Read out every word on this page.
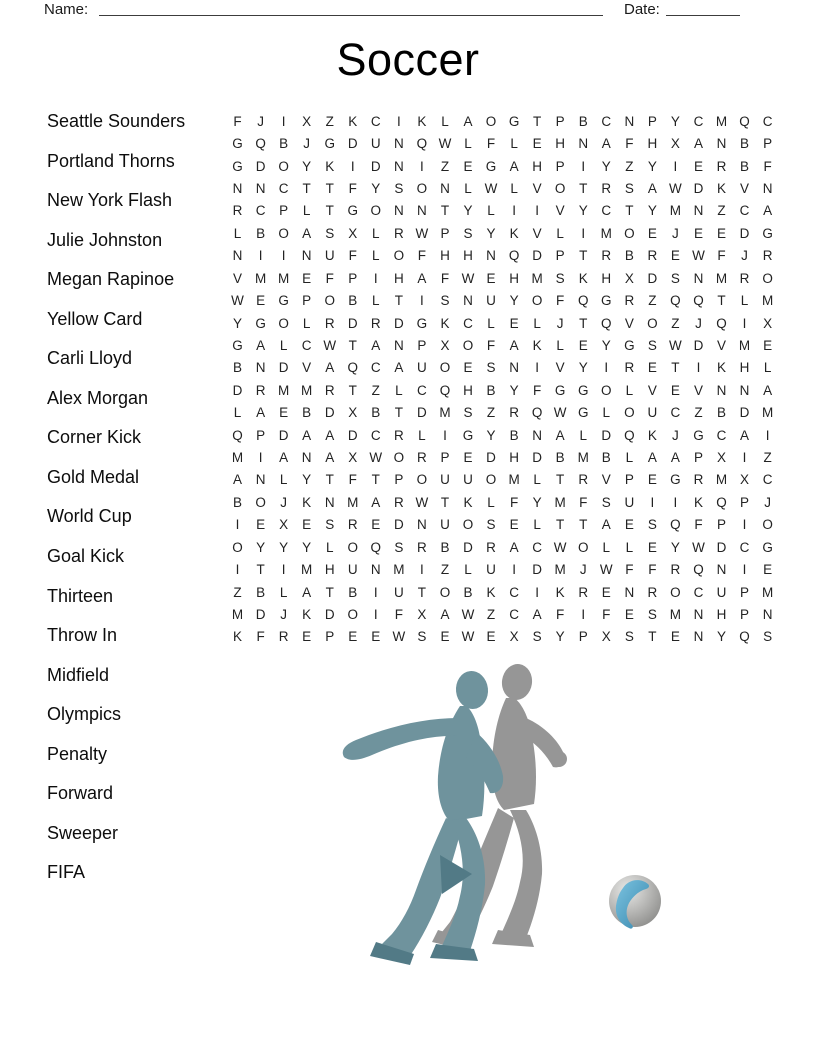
Name:	Date:
Soccer
Seattle Sounders
Portland Thorns
New York Flash
Julie Johnston
Megan Rapinoe
Yellow Card
Carli Lloyd
Alex Morgan
Corner Kick
Gold Medal
World Cup
Goal Kick
Thirteen
Throw In
Midfield
Olympics
Penalty
Forward
Sweeper
FIFA
F	J	I	X	Z	K	C	I	K	L	A O G	T	P	B	C N	P	Y	C M Q C
G Q B	J	G D U N Q W L	F	L	E	H N	A	F	H	X	A	N	B	P
G D O Y	K	I	D N	I	Z	E G A	H	P	I	Y	Z	Y	I	E	R	B	F
N N C	T	T	F	Y	S O N	L W L	V O	T	R	S	A W D	K	V	N
R C	P	L	T	G O N N	T	Y	L	I	I	V	Y	C	T	Y M N	Z	C	A
L	B O A	S	X	L	R W P	S	Y	K	V	L	I	M O E	J	E	E	D G
N	I	I	N U	F	L	O	F	H H N Q D	P	T	R	B	R	E W F	J	R
V M M E	F	P	I	H	A	F W E	H M S	K	H	X	D	S	N M R O
W E G P O B	L	T	I	S	N U	Y O	F	Q G R	Z	Q Q	T	L	M
Y G O	L	R D R D G K	C	L	E	L	J	T	Q V O	Z	J	Q	I	X
G A	L	C W T	A	N	P	X O	F	A	K	L	E	Y G S W D	V M E
B	N D	V	A Q C	A	U O E	S	N	I	V	Y	I	R	E	T	I	K	H	L
D R M M R	T	Z	L	C Q H	B	Y	F	G G O	L	V	E	V	N N	A
L	A	E	B	D	X	B	T	D M S	Z	R Q W G	L	O U C	Z	B	D M
Q P	D	A	A	D C R	L	I	G Y	B	N	A	L	D Q K	J	G C	A	I
M	I	A	N	A	X W O R	P	E	D H D	B M B	L	A	A	P	X	I	Z
A	N	L	Y	T	F	T	P O U U O M	L	T	R	V	P	E G R M X	C
B O	J	K	N M A	R W T	K	L	F	Y M F	S	U	I	I	K Q P	J
I	E	X	E	S	R	E	D N U O S	E	L	T	T	A	E	S Q	F	P	I	O
O Y	Y	Y	L	O Q S	R	B	D R	A	C W O	L	L	E	Y W D C G
I	T	I	M H U N M	I	Z	L	U	I	D M	J W F	F	R Q N	I	E
Z	B	L	A	T	B	I	U	T	O B	K	C	I	K	R	E	N R O C U	P M
M D	J	K	D O	I	F	X	A W Z	C	A	F	I	F	E	S M N H	P	N
K	F	R	E	P	E	E W S	E W E	X	S	Y	P	X	S	T	E	N	Y Q S
